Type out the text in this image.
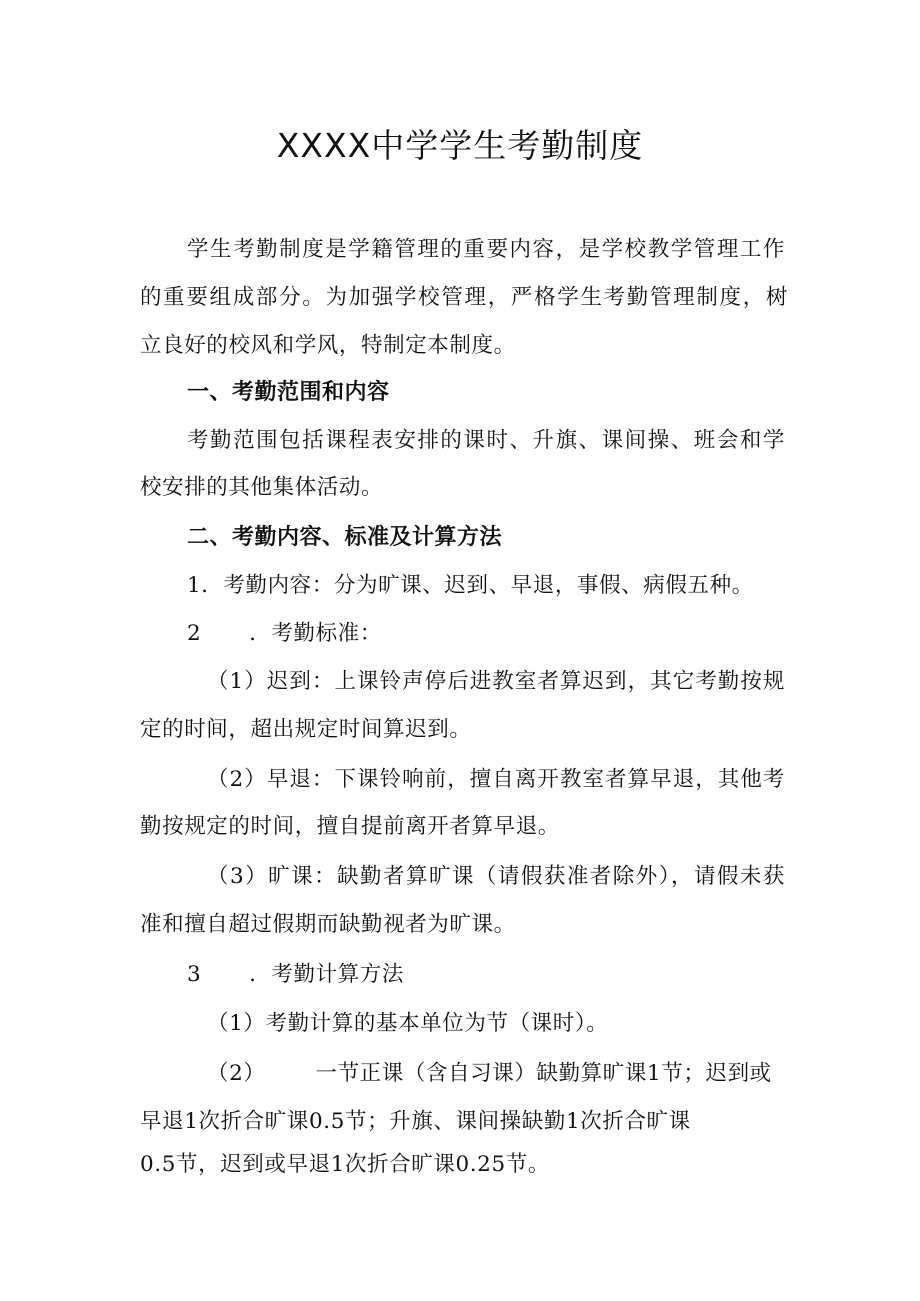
XXXX中学学生考勤制度
学生考勤制度是学籍管理的重要内容，是学校教学管理工作
的重要组成部分。为加强学校管理，严格学生考勤管理制度，树
立良好的校风和学风，特制定本制度。
一、考勤范围和内容
考勤范围包括课程表安排的课时、升旗、课间操、班会和学
校安排的其他集体活动。
二、考勤内容、标准及计算方法
1．考勤内容：分为旷课、迟到、早退，事假、病假五种。
2 ．考勤标准：
（1）迟到：上课铃声停后进教室者算迟到，其它考勤按规
定的时间，超出规定时间算迟到。
（2）早退：下课铃响前，擅自离开教室者算早退，其他考
勤按规定的时间，擅自提前离开者算早退。
（3）旷课：缺勤者算旷课（请假获准者除外），请假未获
准和擅自超过假期而缺勤视者为旷课。
3 ．考勤计算方法
（1）考勤计算的基本单位为节（课时）。
（2） 一节正课（含自习课）缺勤算旷课1节；迟到或
早退1次折合旷课0.5节；升旗、课间操缺勤1次折合旷课
0.5节，迟到或早退1次折合旷课0.25节。
